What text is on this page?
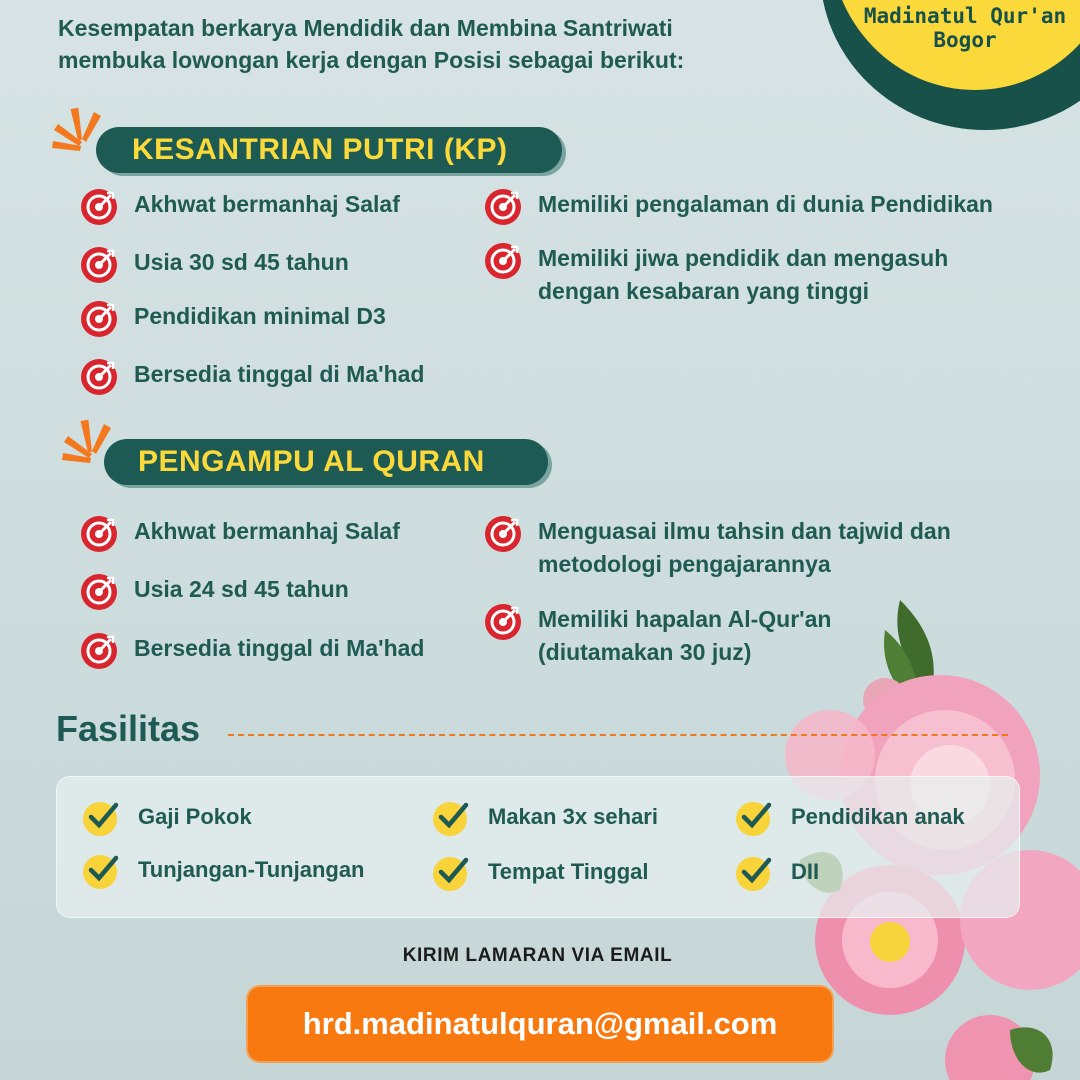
Madinatul Qur'an
Bogor
Kesempatan berkarya Mendidik dan Membina Santriwati
membuka lowongan kerja dengan Posisi sebagai berikut:
KESANTRIAN PUTRI (KP)
Akhwat bermanhaj Salaf
Usia 30 sd 45 tahun
Pendidikan minimal D3
Bersedia tinggal di Ma'had
Memiliki pengalaman di dunia Pendidikan
Memiliki jiwa pendidik dan mengasuh
dengan kesabaran yang tinggi
PENGAMPU AL QURAN
Akhwat bermanhaj Salaf
Usia 24 sd 45 tahun
Bersedia tinggal di Ma'had
Menguasai ilmu tahsin dan tajwid dan
metodologi pengajarannya
Memiliki hapalan Al-Qur'an
(diutamakan 30 juz)
Fasilitas
Gaji Pokok	Makan 3x sehari	Pendidikan anak
Tunjangan-Tunjangan	Tempat Tinggal	DII
KIRIM LAMARAN VIA EMAIL
hrd.madinatulquran@gmail.com
